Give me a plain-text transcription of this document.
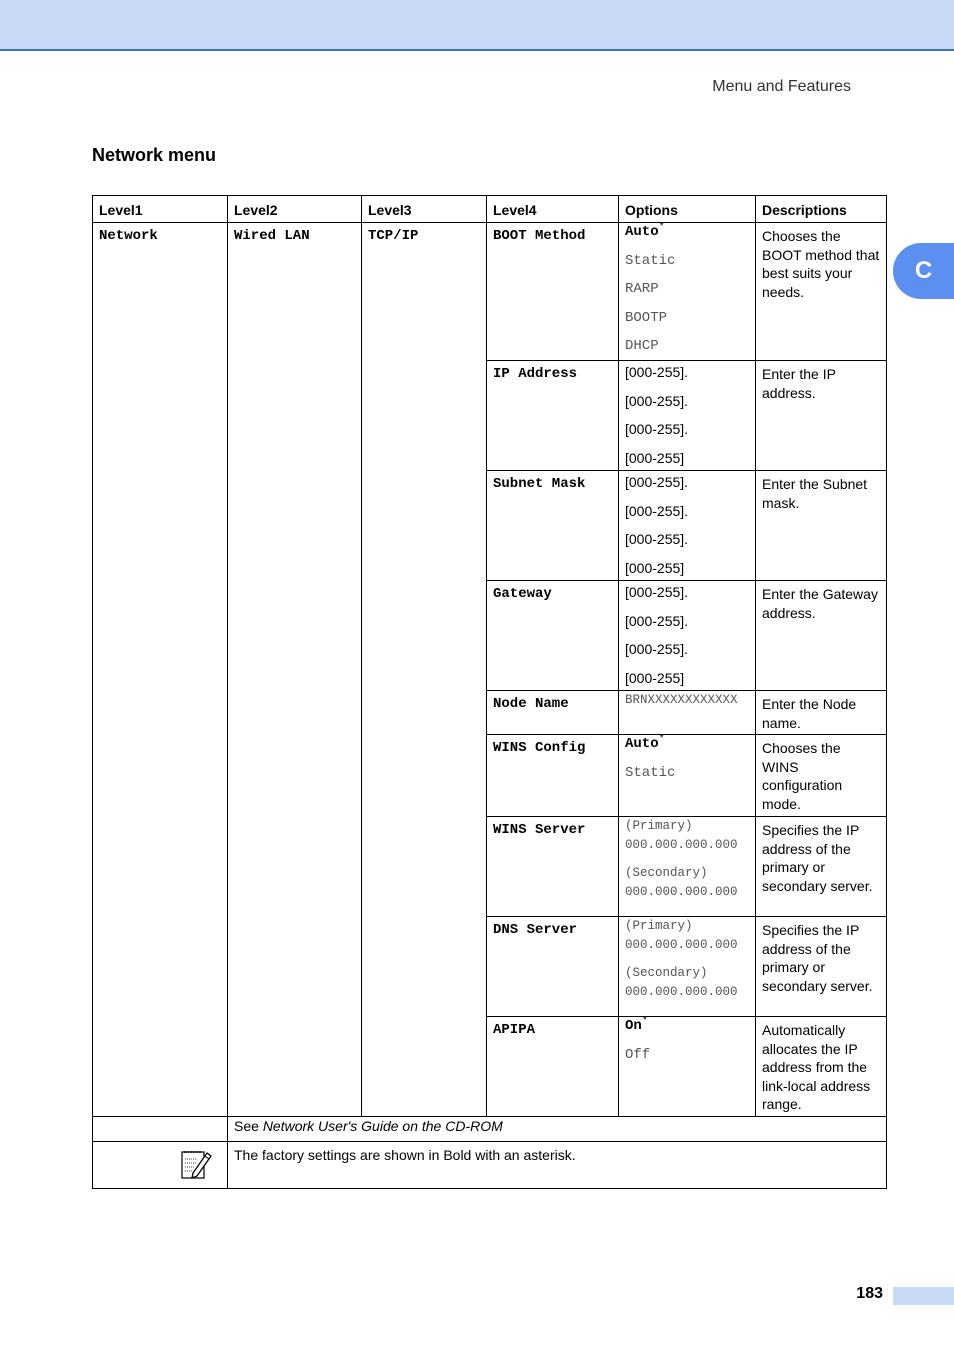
Menu and Features
Network menu
C
Level1	Level2	Level3	Level4	Options	Descriptions
Network	Wired LAN	TCP/IP	BOOT Method	Auto*
Static
RARP
BOOTP
DHCP	Chooses the BOOT method that best suits your needs.
			IP Address	[000-255].
[000-255].
[000-255].
[000-255]	Enter the IP address.
			Subnet Mask	[000-255].
[000-255].
[000-255].
[000-255]	Enter the Subnet mask.
			Gateway	[000-255].
[000-255].
[000-255].
[000-255]	Enter the Gateway address.
			Node Name	BRNXXXXXXXXXXXX	Enter the Node name.
			WINS Config	Auto*
Static	Chooses the WINS configuration mode.
			WINS Server	(Primary)
000.000.000.000
(Secondary)
000.000.000.000	Specifies the IP address of the primary or secondary server.
			DNS Server	(Primary)
000.000.000.000
(Secondary)
000.000.000.000	Specifies the IP address of the primary or secondary server.
			APIPA	On*
Off	Automatically allocates the IP address from the link-local address range.
	See Network User's Guide on the CD-ROM				
	The factory settings are shown in Bold with an asterisk.				
183
